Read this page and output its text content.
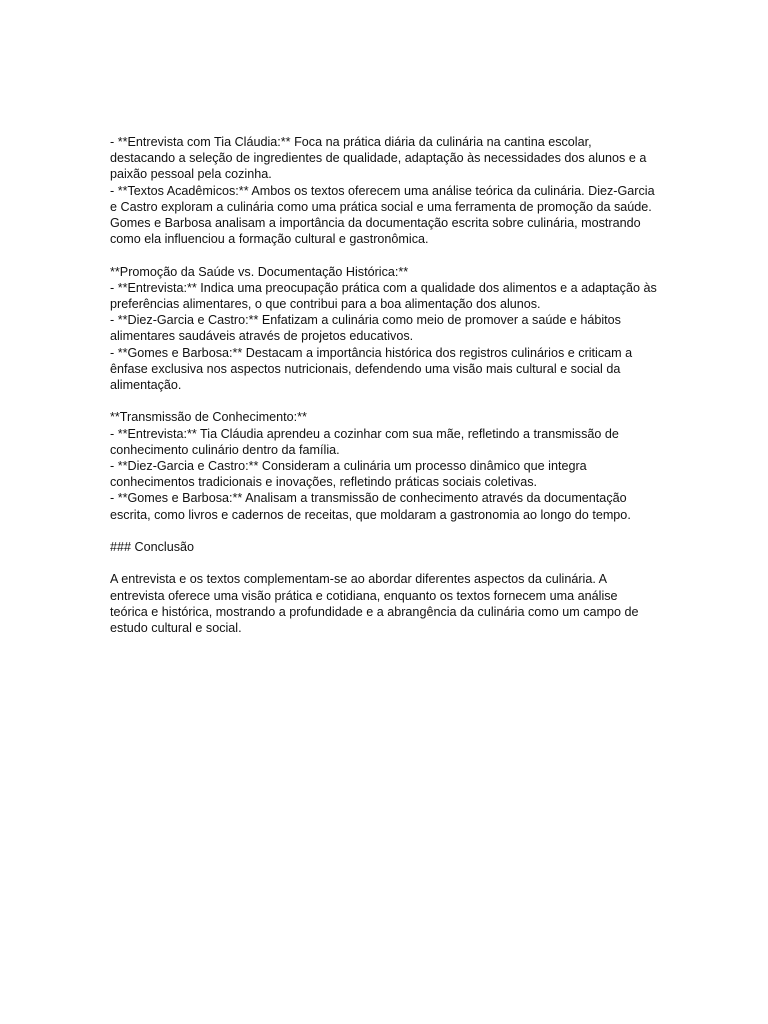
- **Entrevista com Tia Cláudia:** Foca na prática diária da culinária na cantina escolar, destacando a seleção de ingredientes de qualidade, adaptação às necessidades dos alunos e a paixão pessoal pela cozinha.

- **Textos Acadêmicos:** Ambos os textos oferecem uma análise teórica da culinária. Diez-Garcia e Castro exploram a culinária como uma prática social e uma ferramenta de promoção da saúde. Gomes e Barbosa analisam a importância da documentação escrita sobre culinária, mostrando como ela influenciou a formação cultural e gastronômica.

**Promoção da Saúde vs. Documentação Histórica:**

- **Entrevista:** Indica uma preocupação prática com a qualidade dos alimentos e a adaptação às preferências alimentares, o que contribui para a boa alimentação dos alunos.

- **Diez-Garcia e Castro:** Enfatizam a culinária como meio de promover a saúde e hábitos alimentares saudáveis através de projetos educativos.

- **Gomes e Barbosa:** Destacam a importância histórica dos registros culinários e criticam a ênfase exclusiva nos aspectos nutricionais, defendendo uma visão mais cultural e social da alimentação.

**Transmissão de Conhecimento:**

- **Entrevista:** Tia Cláudia aprendeu a cozinhar com sua mãe, refletindo a transmissão de conhecimento culinário dentro da família.

- **Diez-Garcia e Castro:** Consideram a culinária um processo dinâmico que integra conhecimentos tradicionais e inovações, refletindo práticas sociais coletivas.

- **Gomes e Barbosa:** Analisam a transmissão de conhecimento através da documentação escrita, como livros e cadernos de receitas, que moldaram a gastronomia ao longo do tempo.

### Conclusão

A entrevista e os textos complementam-se ao abordar diferentes aspectos da culinária. A entrevista oferece uma visão prática e cotidiana, enquanto os textos fornecem uma análise teórica e histórica, mostrando a profundidade e a abrangência da culinária como um campo de estudo cultural e social.
